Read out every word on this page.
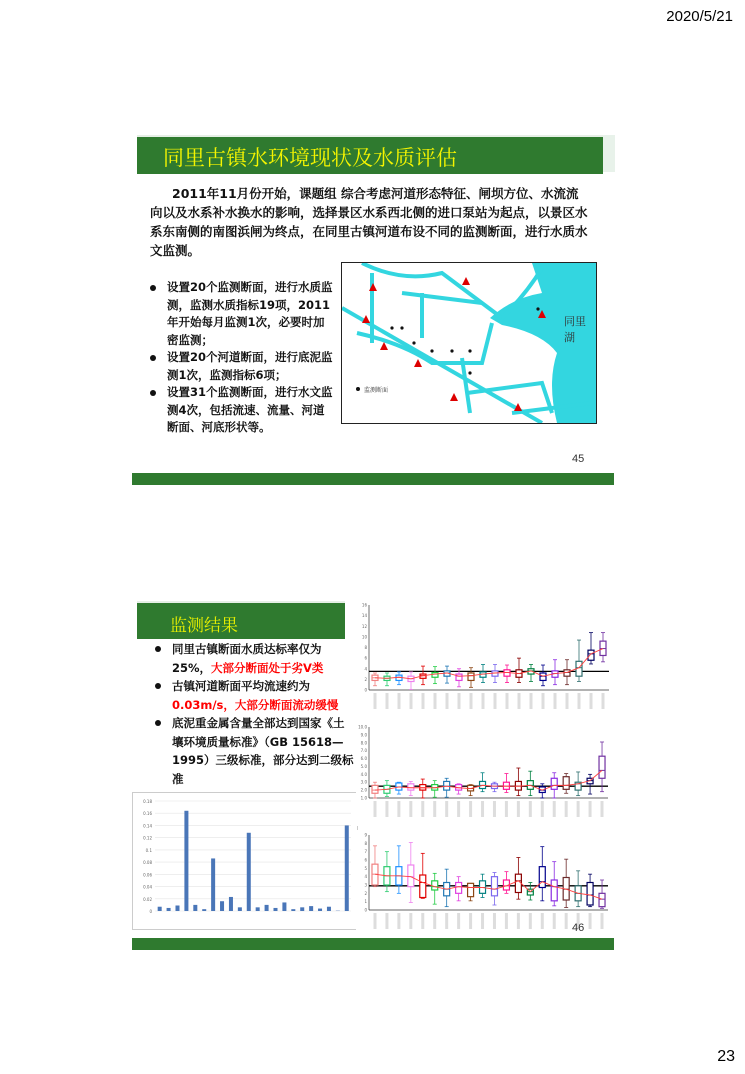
2020/5/21
同里古镇水环境现状及水质评估
2011年11月份开始，课题组 综合考虑河道形态特征、闸坝方位、水流流向以及水系补水换水的影响，选择景区水系西北侧的进口泵站为起点，以景区水系东南侧的南图浜闸为终点，在同里古镇河道布设不同的监测断面，进行水质水文监测。
设置20个监测断面，进行水质监测，监测水质指标19项，2011年开始每月监测1次，必要时加密监测；
设置20个河道断面，进行底泥监测1次，监测指标6项；
设置31个监测断面，进行水文监测4次，包括流速、流量、河道断面、河底形状等。
同里湖
监测断面
45
监测结果
同里古镇断面水质达标率仅为25%，大部分断面处于劣Ⅴ类
古镇河道断面平均流速约为0.03m/s，大部分断面流动缓慢
底泥重金属含量全部达到国家《土壤环境质量标准》（GB 15618—1995）三级标准，部分达到二级标准
0
0.02
0.04
0.06
0.08
0.1
0.12
0.14
0.16
0.18
0
2
4
6
8
10
12
14
16
1.0
2.0
3.0
4.0
5.0
6.0
7.0
8.0
9.0
10.0
0
1
2
3
4
5
6
7
8
9
46
23
